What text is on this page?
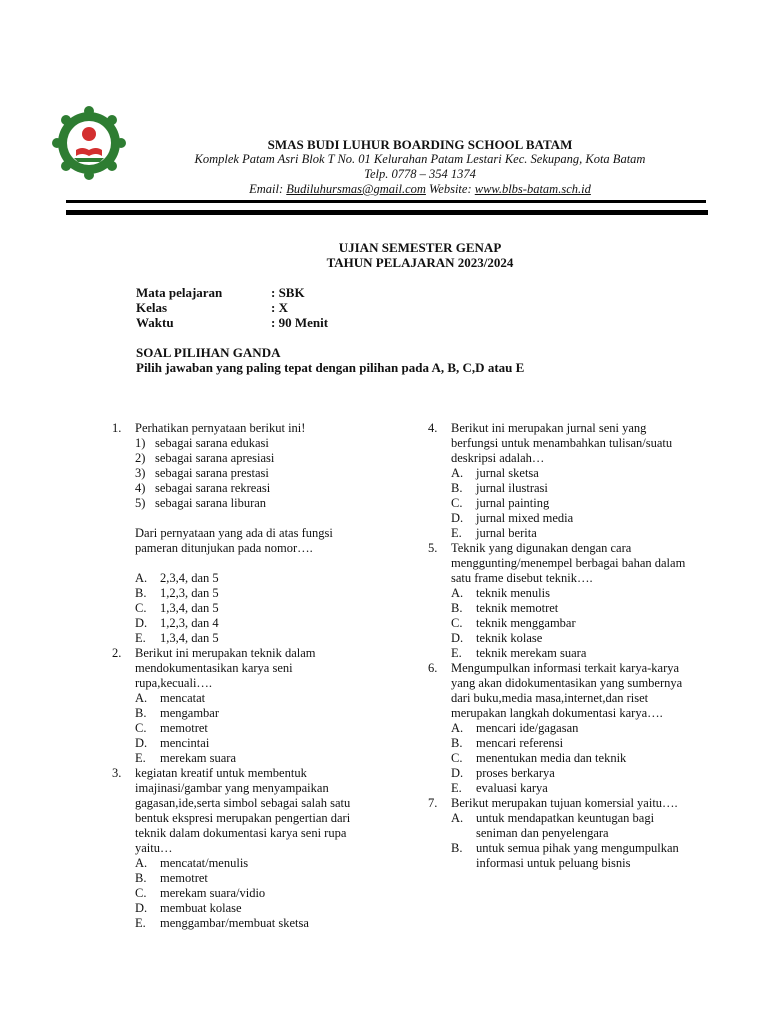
SMAS BUDI LUHUR BOARDING SCHOOL BATAM
Komplek Patam Asri Blok T No. 01 Kelurahan Patam Lestari Kec. Sekupang, Kota Batam
Telp. 0778 – 354 1374
Email: Budiluhursmas@gmail.com Website: www.blbs-batam.sch.id
UJIAN SEMESTER GENAP
TAHUN PELAJARAN 2023/2024
Mata pelajaran	: SBK
Kelas	: X
Waktu	: 90 Menit
SOAL PILIHAN GANDA
Pilih jawaban yang paling tepat dengan pilihan pada A, B, C,D atau E
1. Perhatikan pernyataan berikut ini!
1) sebagai sarana edukasi
2) sebagai sarana apresiasi
3) sebagai sarana prestasi
4) sebagai sarana rekreasi
5) sebagai sarana liburan
Dari pernyataan yang ada di atas fungsi pameran ditunjukan pada nomor….
A. 2,3,4, dan 5
B. 1,2,3, dan 5
C. 1,3,4, dan 5
D. 1,2,3, dan 4
E. 1,3,4, dan 5
2. Berikut ini merupakan teknik dalam mendokumentasikan karya seni rupa,kecuali….
A. mencatat
B. mengambar
C. memotret
D. mencintai
E. merekam suara
3. kegiatan kreatif untuk membentuk imajinasi/gambar yang menyampaikan gagasan,ide,serta simbol sebagai salah satu bentuk ekspresi merupakan pengertian dari teknik dalam dokumentasi karya seni rupa yaitu…
A. mencatat/menulis
B. memotret
C. merekam suara/vidio
D. membuat kolase
E. menggambar/membuat sketsa
4. Berikut ini merupakan jurnal seni yang berfungsi untuk menambahkan tulisan/suatu deskripsi adalah…
A. jurnal sketsa
B. jurnal ilustrasi
C. jurnal painting
D. jurnal mixed media
E. jurnal berita
5. Teknik yang digunakan dengan cara menggunting/menempel berbagai bahan dalam satu frame disebut teknik….
A. teknik menulis
B. teknik memotret
C. teknik menggambar
D. teknik kolase
E. teknik merekam suara
6. Mengumpulkan informasi terkait karya-karya yang akan didokumentasikan yang sumbernya dari buku,media masa,internet,dan riset merupakan langkah dokumentasi karya….
A. mencari ide/gagasan
B. mencari referensi
C. menentukan media dan teknik
D. proses berkarya
E. evaluasi karya
7. Berikut merupakan tujuan komersial yaitu….
A. untuk mendapatkan keuntugan bagi seniman dan penyelengara
B. untuk semua pihak yang mengumpulkan informasi untuk peluang bisnis
